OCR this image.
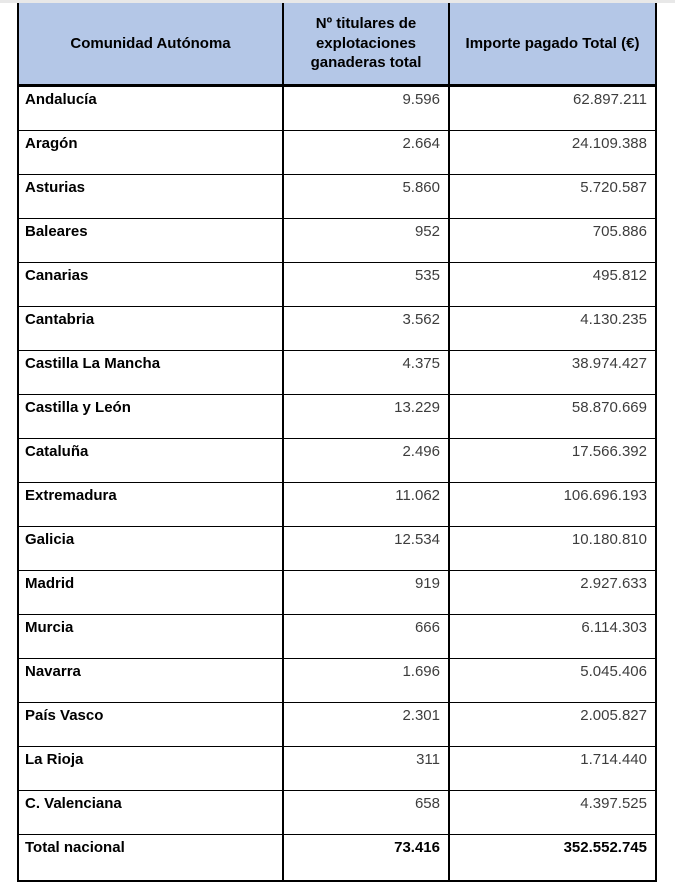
Comunidad Autónoma	Nº titulares de explotaciones ganaderas total	Importe pagado Total (€)
Andalucía	9.596	62.897.211
Aragón	2.664	24.109.388
Asturias	5.860	5.720.587
Baleares	952	705.886
Canarias	535	495.812
Cantabria	3.562	4.130.235
Castilla La Mancha	4.375	38.974.427
Castilla y León	13.229	58.870.669
Cataluña	2.496	17.566.392
Extremadura	11.062	106.696.193
Galicia	12.534	10.180.810
Madrid	919	2.927.633
Murcia	666	6.114.303
Navarra	1.696	5.045.406
País Vasco	2.301	2.005.827
La Rioja	311	1.714.440
C. Valenciana	658	4.397.525
Total nacional	73.416	352.552.745
